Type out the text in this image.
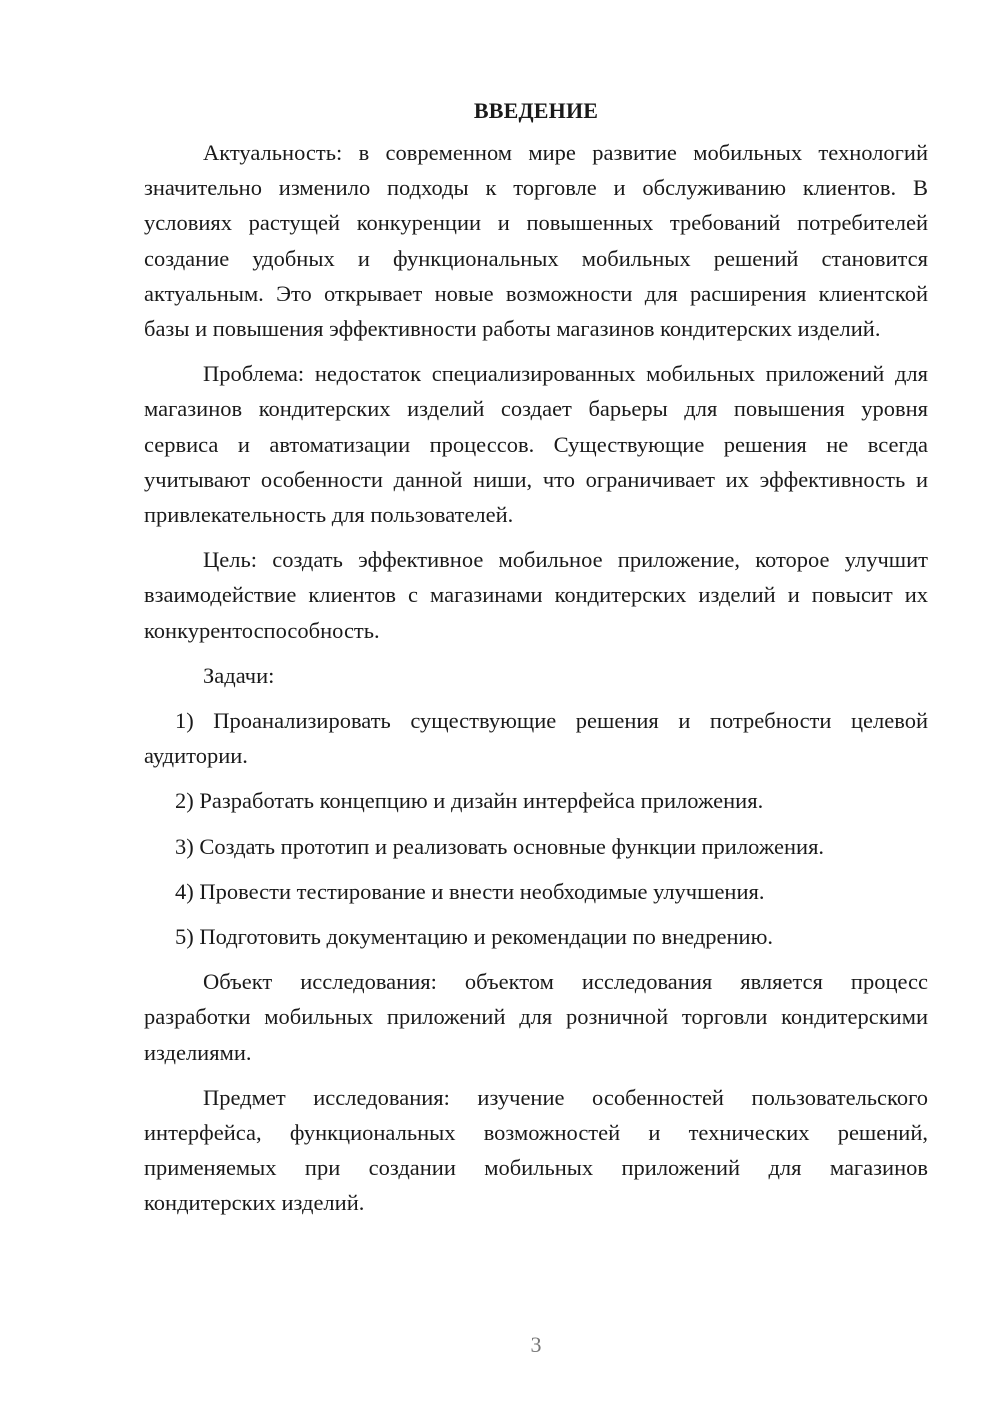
ВВЕДЕНИЕ

Актуальность: в современном мире развитие мобильных технологий значительно изменило подходы к торговле и обслуживанию клиентов. В условиях растущей конкуренции и повышенных требований потребителей создание удобных и функциональных мобильных решений становится актуальным. Это открывает новые возможности для расширения клиентской базы и повышения эффективности работы магазинов кондитерских изделий.

Проблема: недостаток специализированных мобильных приложений для магазинов кондитерских изделий создает барьеры для повышения уровня сервиса и автоматизации процессов. Существующие решения не всегда учитывают особенности данной ниши, что ограничивает их эффективность и привлекательность для пользователей.

Цель: создать эффективное мобильное приложение, которое улучшит взаимодействие клиентов с магазинами кондитерских изделий и повысит их конкурентоспособность.

Задачи:

1) Проанализировать существующие решения и потребности целевой аудитории.

2) Разработать концепцию и дизайн интерфейса приложения.

3) Создать прототип и реализовать основные функции приложения.

4) Провести тестирование и внести необходимые улучшения.

5) Подготовить документацию и рекомендации по внедрению.

Объект исследования: объектом исследования является процесс разработки мобильных приложений для розничной торговли кондитерскими изделиями.

Предмет исследования: изучение особенностей пользовательского интерфейса, функциональных возможностей и технических решений, применяемых при создании мобильных приложений для магазинов кондитерских изделий.

3
